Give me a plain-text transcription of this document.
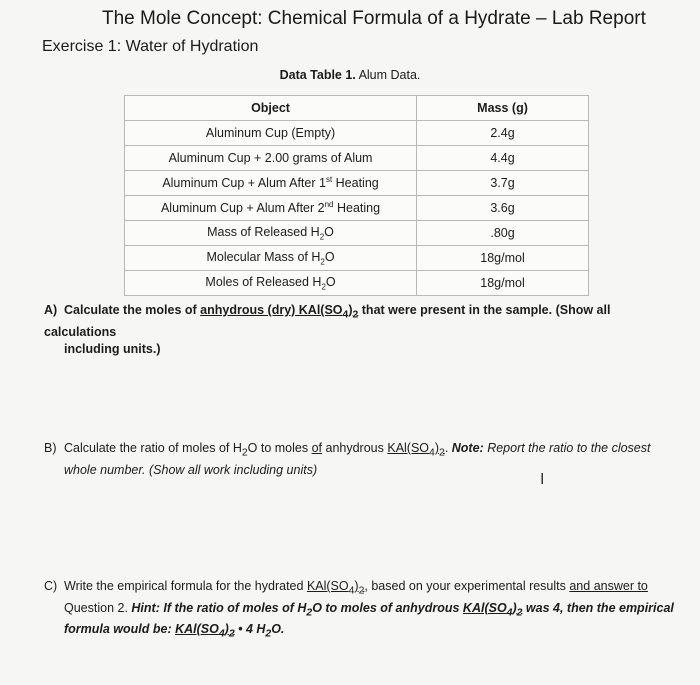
The Mole Concept: Chemical Formula of a Hydrate – Lab Report
Exercise 1: Water of Hydration
Data Table 1. Alum Data.
Object	Mass (g)
Aluminum Cup (Empty)	2.4g
Aluminum Cup + 2.00 grams of Alum	4.4g
Aluminum Cup + Alum After 1st Heating	3.7g
Aluminum Cup + Alum After 2nd Heating	3.6g
Mass of Released $H_2O$	.80g
Molecular Mass of $H_2O$	18g/mol
Moles of Released $H_2O$	18g/mol
A) Calculate the moles of anhydrous (dry) $KAl(SO_4)_2$ that were present in the sample. (Show all calculations
including units.)
B) Calculate the ratio of moles of $H_2O$ to moles of anhydrous $KAl(SO_4)_2$. Note: Report the ratio to the closest
whole number. (Show all work including units)
I
C) Write the empirical formula for the hydrated $KAl(SO_4)_2$, based on your experimental results and answer to
Question 2. Hint: If the ratio of moles of $H_2O$ to moles of anhydrous $KAl(SO_4)_2$ was 4, then the empirical
formula would be: $KAl(SO_4)_2$ • 4 $H_2O$.
